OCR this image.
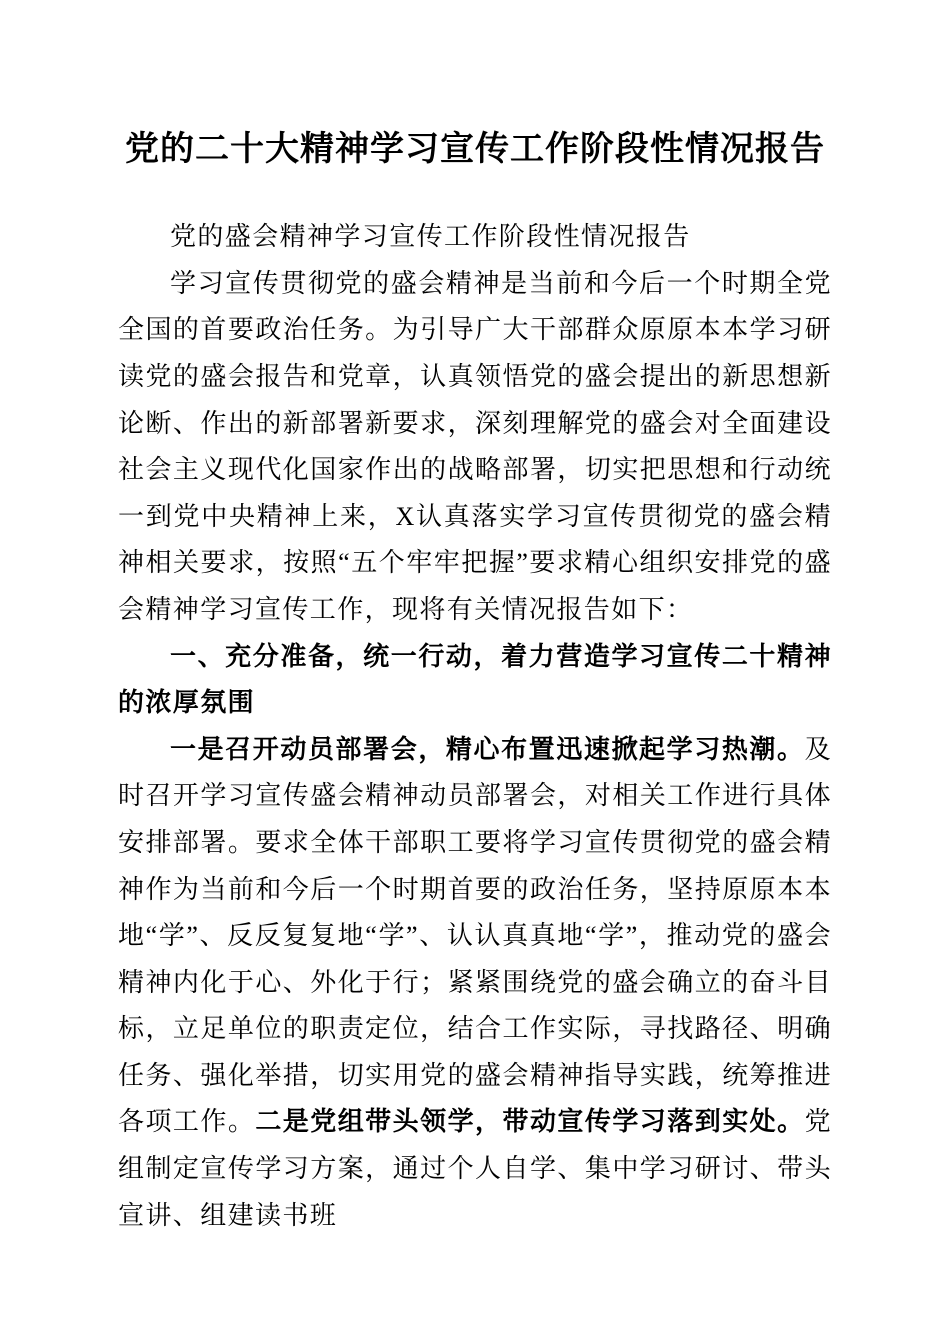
党的二十大精神学习宣传工作阶段性情况报告

党的盛会精神学习宣传工作阶段性情况报告

学习宣传贯彻党的盛会精神是当前和今后一个时期全党全国的首要政治任务。为引导广大干部群众原原本本学习研读党的盛会报告和党章，认真领悟党的盛会提出的新思想新论断、作出的新部署新要求，深刻理解党的盛会对全面建设社会主义现代化国家作出的战略部署，切实把思想和行动统一到党中央精神上来，X认真落实学习宣传贯彻党的盛会精神相关要求，按照“五个牢牢把握”要求精心组织安排党的盛会精神学习宣传工作，现将有关情况报告如下：

一、充分准备，统一行动，着力营造学习宣传二十精神的浓厚氛围

一是召开动员部署会，精心布置迅速掀起学习热潮。及时召开学习宣传盛会精神动员部署会，对相关工作进行具体安排部署。要求全体干部职工要将学习宣传贯彻党的盛会精神作为当前和今后一个时期首要的政治任务，坚持原原本本地“学”、反反复复地“学”、认认真真地“学”，推动党的盛会精神内化于心、外化于行；紧紧围绕党的盛会确立的奋斗目标，立足单位的职责定位，结合工作实际，寻找路径、明确任务、强化举措，切实用党的盛会精神指导实践，统筹推进各项工作。二是党组带头领学，带动宣传学习落到实处。党组制定宣传学习方案，通过个人自学、集中学习研讨、带头宣讲、组建读书班
